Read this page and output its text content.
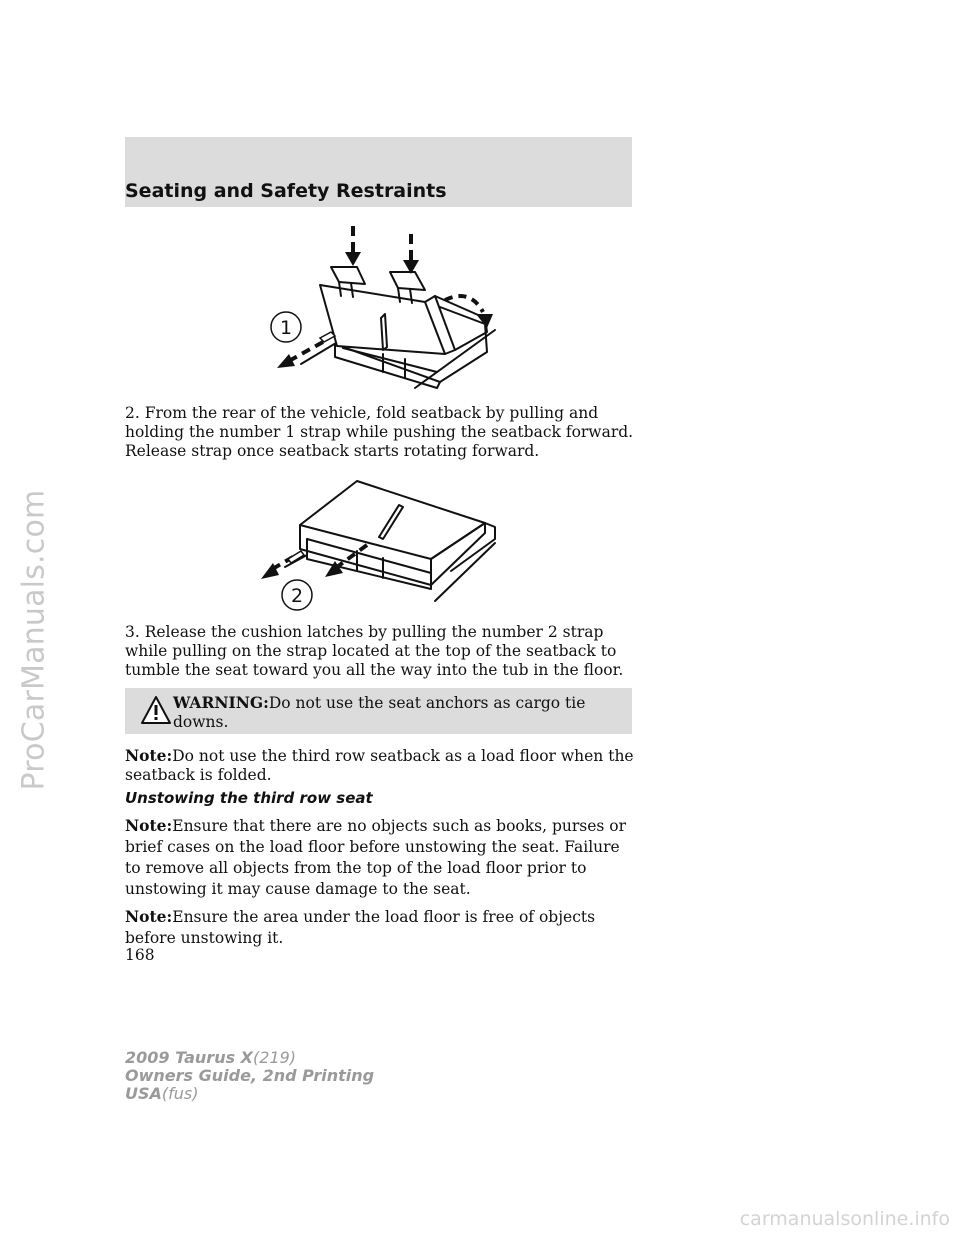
ProCarManuals.com
Seating and Safety Restraints
1
2. From the rear of the vehicle, fold seatback by pulling and holding the number 1 strap while pushing the seatback forward. Release strap once seatback starts rotating forward.
2
3. Release the cushion latches by pulling the number 2 strap while pulling on the strap located at the top of the seatback to tumble the seat toward you all the way into the tub in the floor.
WARNING:Do not use the seat anchors as cargo tie downs.
Note:Do not use the third row seatback as a load floor when the seatback is folded.
Unstowing the third row seat
Note:Ensure that there are no objects such as books, purses or brief cases on the load floor before unstowing the seat. Failure to remove all objects from the top of the load floor prior to unstowing it may cause damage to the seat.
Note:Ensure the area under the load floor is free of objects before unstowing it.
168
2009 Taurus X(219)
Owners Guide, 2nd Printing
USA(fus)
carmanualsonline.info
